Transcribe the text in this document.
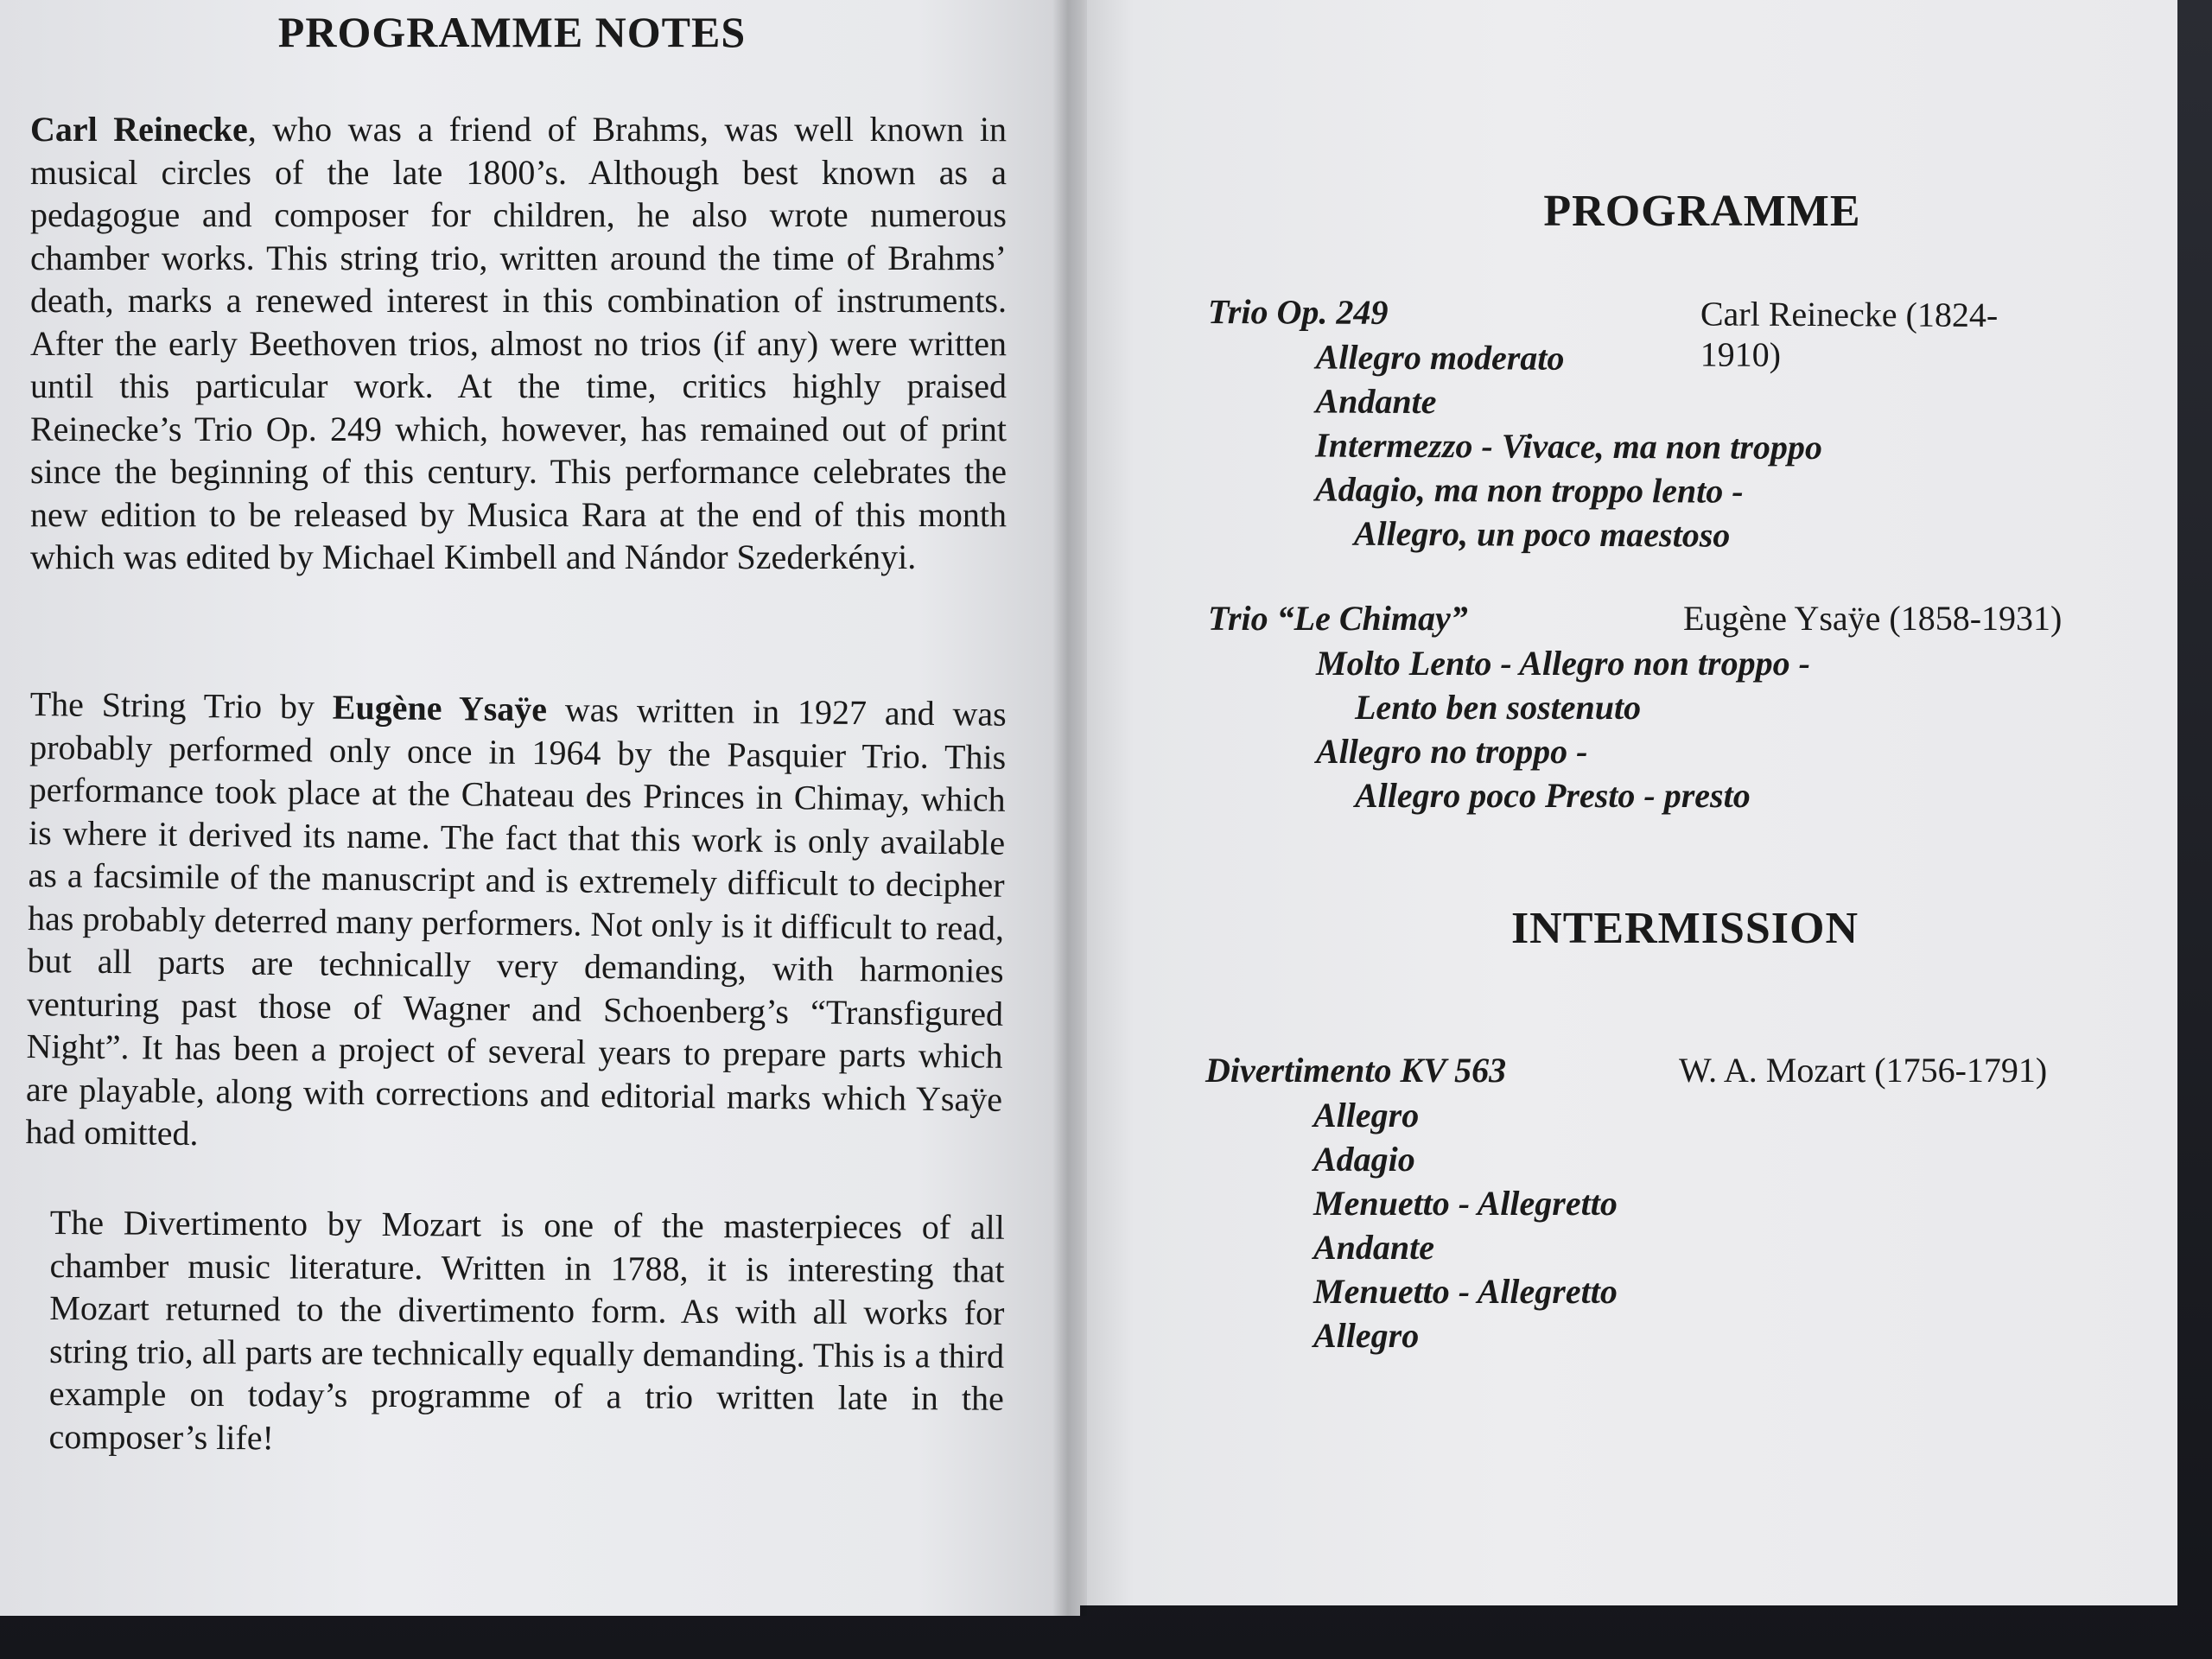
PROGRAMME NOTES

Carl Reinecke, who was a friend of Brahms, was well known in musical circles of the late 1800’s. Although best known as a pedagogue and composer for children, he also wrote numerous chamber works. This string trio, written around the time of Brahms’ death, marks a renewed interest in this combination of instruments. After the early Beethoven trios, almost no trios (if any) were written until this particular work. At the time, critics highly praised Reinecke’s Trio Op. 249 which, however, has remained out of print since the beginning of this century. This performance celebrates the new edition to be released by Musica Rara at the end of this month which was edited by Michael Kimbell and Nándor Szederkényi.

The String Trio by Eugène Ysaÿe was written in 1927 and was probably performed only once in 1964 by the Pasquier Trio. This performance took place at the Chateau des Princes in Chimay, which is where it derived its name. The fact that this work is only available as a facsimile of the manuscript and is extremely difficult to decipher has probably deterred many performers. Not only is it difficult to read, but all parts are technically very demanding, with harmonies venturing past those of Wagner and Schoenberg’s “Transfigured Night”. It has been a project of several years to prepare parts which are playable, along with corrections and editorial marks which Ysaÿe had omitted.

The Divertimento by Mozart is one of the masterpieces of all chamber music literature. Written in 1788, it is interesting that Mozart returned to the divertimento form. As with all works for string trio, all parts are technically equally demanding. This is a third example on today’s programme of a trio written late in the composer’s life!

PROGRAMME
Trio Op. 249	Carl Reinecke (1824-1910)
Allegro moderato
Andante
Intermezzo - Vivace, ma non troppo
Adagio, ma non troppo lento -
Allegro, un poco maestoso
Trio “Le Chimay”	Eugène Ysaÿe (1858-1931)
Molto Lento - Allegro non troppo -
Lento ben sostenuto
Allegro no troppo -
Allegro poco Presto - presto
INTERMISSION
Divertimento KV 563	W. A. Mozart (1756-1791)
Allegro
Adagio
Menuetto - Allegretto
Andante
Menuetto - Allegretto
Allegro
